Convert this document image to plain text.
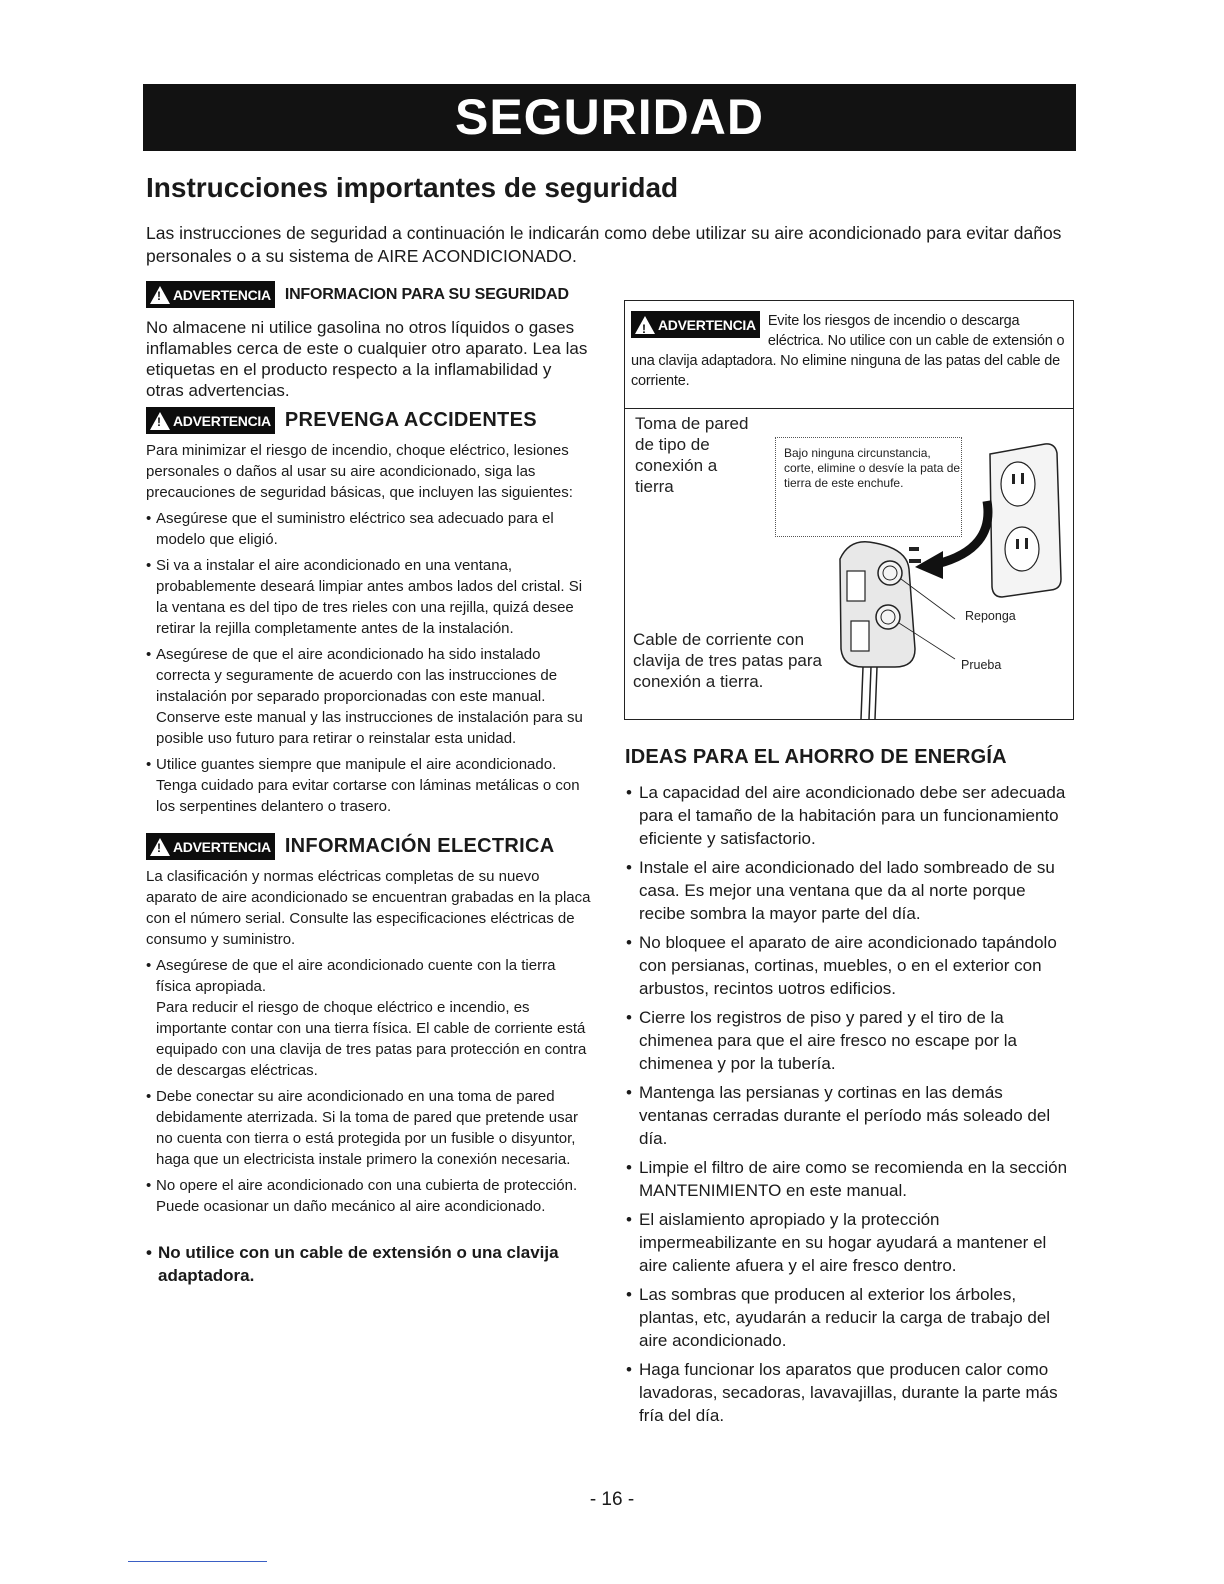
SEGURIDAD
Instrucciones importantes de seguridad

Las instrucciones de seguridad a continuación le indicarán como debe utilizar su aire acondicionado para evitar daños personales o a su sistema de AIRE ACONDICIONADO.

!
ADVERTENCIA INFORMACION PARA SU SEGURIDAD

No almacene ni utilice gasolina no otros líquidos o gases inflamables cerca de este o cualquier otro aparato. Lea las etiquetas en el producto respecto a la inflamabilidad y otras advertencias.

!
ADVERTENCIA PREVENGA ACCIDENTES

Para minimizar el riesgo de incendio, choque eléctrico, lesiones personales o daños al usar su aire acondicionado, siga las precauciones de seguridad básicas, que incluyen las siguientes:

• Asegúrese que el suministro eléctrico sea adecuado para el modelo que eligió.
• Si va a instalar el aire acondicionado en una ventana, probablemente deseará limpiar antes ambos lados del cristal. Si la ventana es del tipo de tres rieles con una rejilla, quizá desee retirar la rejilla completamente antes de la instalación.
• Asegúrese de que el aire acondicionado ha sido instalado correcta y seguramente de acuerdo con las instrucciones de instalación por separado proporcionadas con este manual.
Conserve este manual y las instrucciones de instalación para su posible uso futuro para retirar o reinstalar esta unidad.
• Utilice guantes siempre que manipule el aire acondicionado. Tenga cuidado para evitar cortarse con láminas metálicas o con los serpentines delantero o trasero.
!
ADVERTENCIA INFORMACIÓN ELECTRICA

La clasificación y normas eléctricas completas de su nuevo aparato de aire acondicionado se encuentran grabadas en la placa con el número serial. Consulte las especificaciones eléctricas de consumo y suministro.

• Asegúrese de que el aire acondicionado cuente con la tierra física apropiada.
Para reducir el riesgo de choque eléctrico e incendio, es importante contar con una tierra física. El cable de corriente está equipado con una clavija de tres patas para protección en contra de descargas eléctricas.
• Debe conectar su aire acondicionado en una toma de pared debidamente aterrizada. Si la toma de pared que pretende usar no cuenta con tierra o está protegida por un fusible o disyuntor, haga que un electricista instale primero la conexión necesaria.
• No opere el aire acondicionado con una cubierta de protección. Puede ocasionar un daño mecánico al aire acondicionado.

• No utilice con un cable de extensión o una clavija adaptadora.

!
ADVERTENCIA Evite los riesgos de incendio o descarga eléctrica. No utilice con un cable de extensión o una clavija adaptadora. No elimine ninguna de las patas del cable de corriente.
Toma de pared de tipo de conexión a tierra
Bajo ninguna circunstancia, corte, elimine o desvíe la pata de tierra de este enchufe.
Reponga
Prueba
Cable de corriente con clavija de tres patas para conexión a tierra.
IDEAS PARA EL AHORRO DE ENERGÍA
• La capacidad del aire acondicionado debe ser adecuada para el tamaño de la habitación para un funcionamiento eficiente y satisfactorio.
• Instale el aire acondicionado del lado sombreado de su casa. Es mejor una ventana que da al norte porque recibe sombra la mayor parte del día.
• No bloquee el aparato de aire acondicionado tapándolo con persianas, cortinas, muebles, o en el exterior con arbustos, recintos uotros edificios.
• Cierre los registros de piso y pared y el tiro de la chimenea para que el aire fresco no escape por la chimenea y por la tubería.
• Mantenga las persianas y cortinas en las demás ventanas cerradas durante el período más soleado del día.
• Limpie el filtro de aire como se recomienda en la sección MANTENIMIENTO en este manual.
• El aislamiento apropiado y la protección impermeabilizante en su hogar ayudará a mantener el aire caliente afuera y el aire fresco dentro.
• Las sombras que producen al exterior los árboles, plantas, etc, ayudarán a reducir la carga de trabajo del aire acondicionado.
• Haga funcionar los aparatos que producen calor como lavadoras, secadoras, lavavajillas, durante la parte más fría del día.
- 16 -
